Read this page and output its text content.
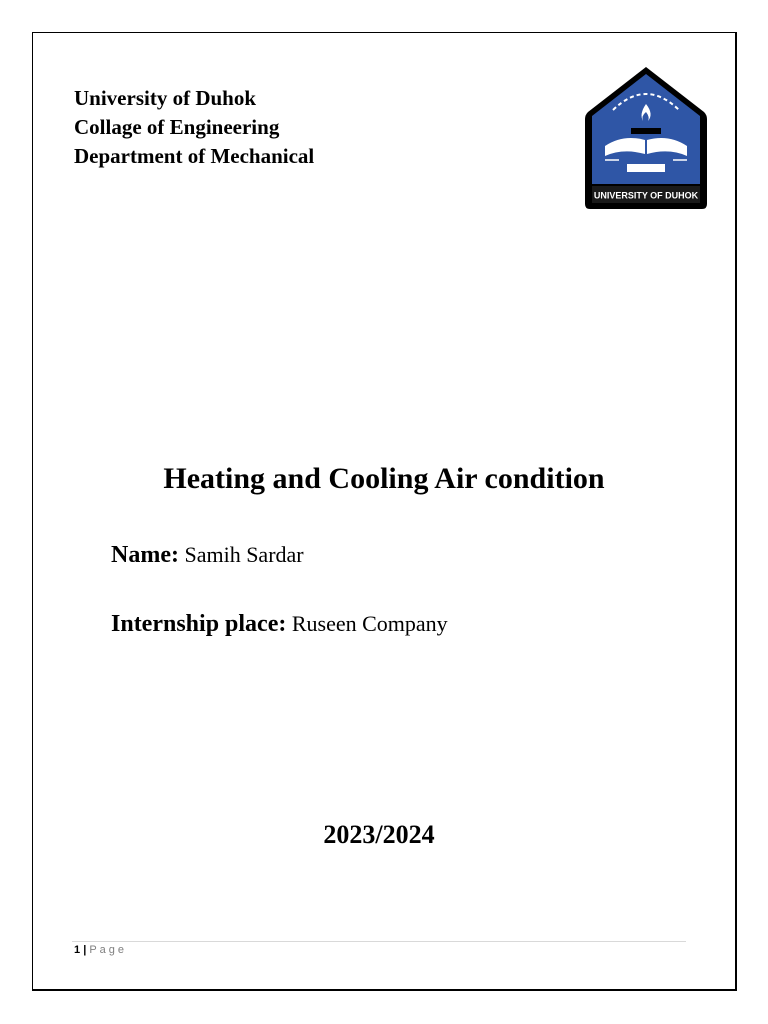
University of Duhok
Collage of Engineering
Department of Mechanical
UNIVERSITY OF DUHOK
Heating and Cooling Air condition
Name: Samih Sardar
Internship place: Ruseen Company
2023/2024
1 | Page
